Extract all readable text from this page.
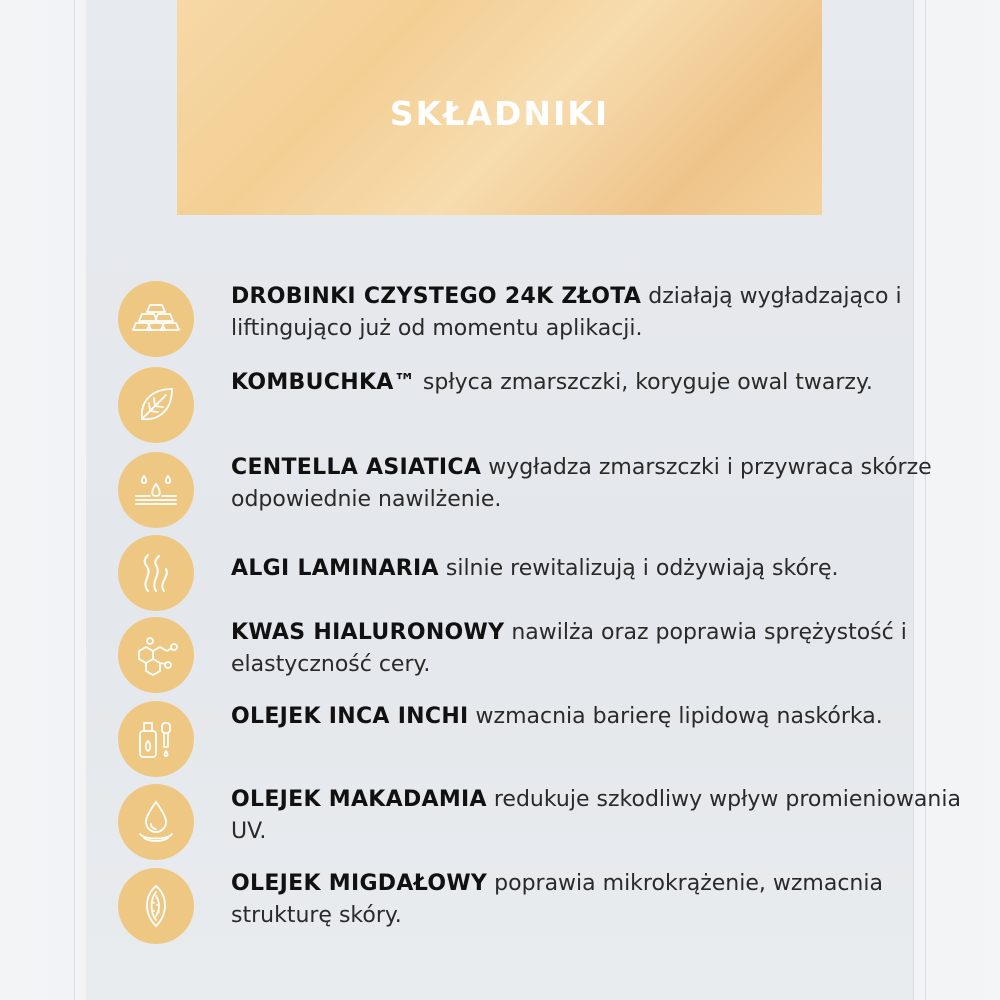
SKŁADNIKI
DROBINKI CZYSTEGO 24K ZŁOTA działają wygładzająco i liftingująco już od momentu aplikacji.
KOMBUCHKA™ spłyca zmarszczki, koryguje owal twarzy.
CENTELLA ASIATICA wygładza zmarszczki i przywraca skórze odpowiednie nawilżenie.
ALGI LAMINARIA silnie rewitalizują i odżywiają skórę.
KWAS HIALURONOWY nawilża oraz poprawia sprężystość i elastyczność cery.
OLEJEK INCA INCHI wzmacnia barierę lipidową naskórka.
OLEJEK MAKADAMIA redukuje szkodliwy wpływ promieniowania UV.
OLEJEK MIGDAŁOWY poprawia mikrokrążenie, wzmacnia strukturę skóry.
